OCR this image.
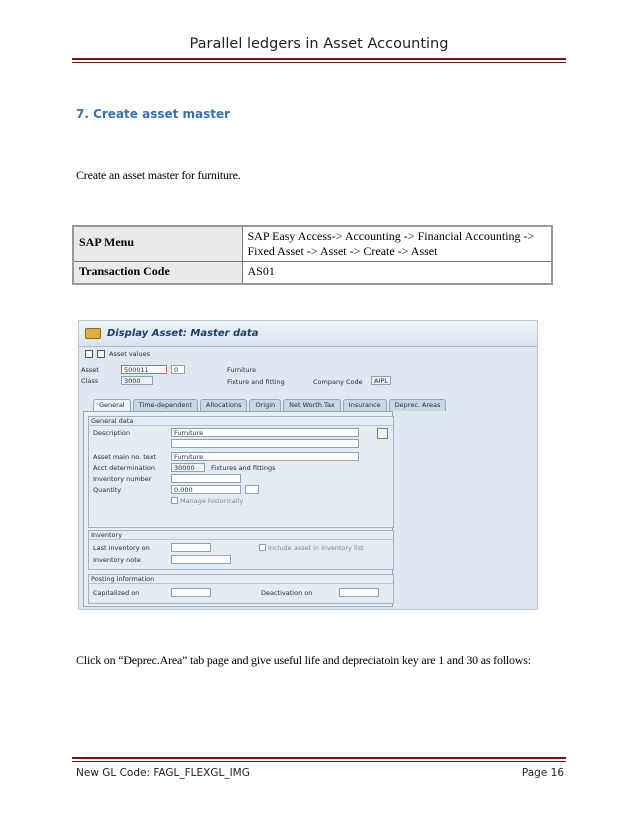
Parallel ledgers in Asset Accounting
7. Create asset master
Create an asset master for furniture.
SAP Menu	SAP Easy Access-> Accounting -> Financial Accounting -> Fixed Asset -> Asset -> Create -> Asset
Transaction Code	AS01
Display Asset: Master data
Asset values
Asset	500011	0	Furniture
Class	3000	Fixture and fitting	Company Code	AIPL
General	Time-dependent	Allocations	Origin	Net Worth Tax	Insurance	Deprec. Areas
General data
Description	Furniture
Asset main no. text	Furniture
Acct determination	30000	Fixtures and fittings
Inventory number
Quantity	0.000
Manage historically
Inventory
Last inventory on	Include asset in inventory list
Inventory note
Posting information
Capitalized on	Deactivation on
Click on “Deprec.Area” tab page and give useful life and depreciatoin key are 1 and 30 as follows:
New GL Code: FAGL_FLEXGL_IMG	Page 16
